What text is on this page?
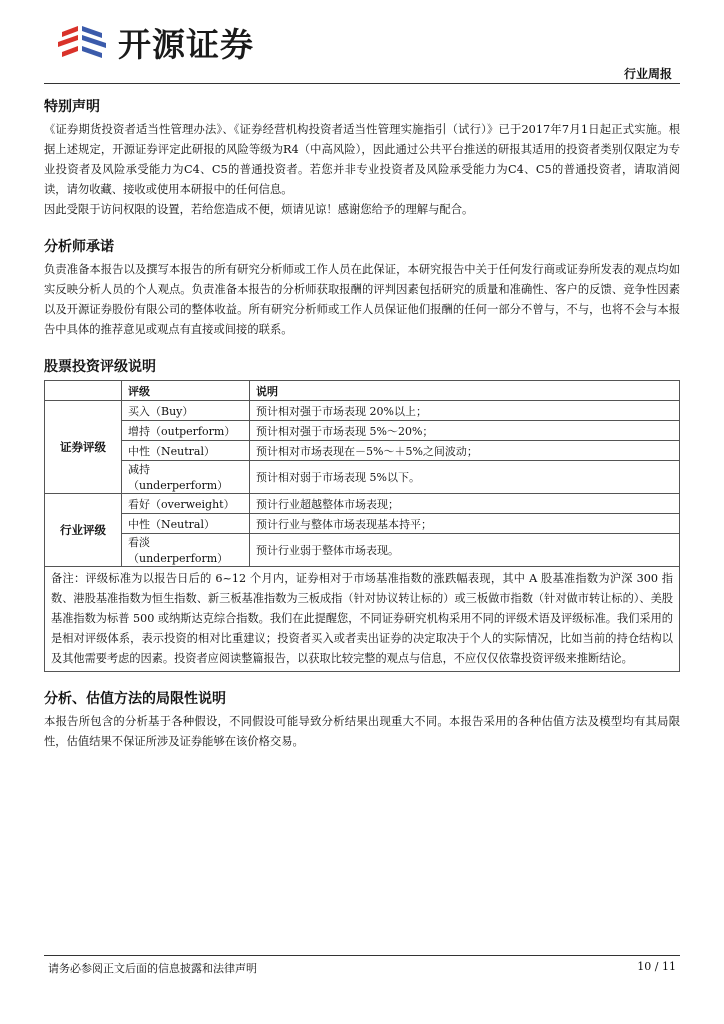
开源证券
行业周报

特别声明

《证券期货投资者适当性管理办法》、《证券经营机构投资者适当性管理实施指引（试行）》已于2017年7月1日起正式实施。根据上述规定，开源证券评定此研报的风险等级为R4（中高风险），因此通过公共平台推送的研报其适用的投资者类别仅限定为专业投资者及风险承受能力为C4、C5的普通投资者。若您并非专业投资者及风险承受能力为C4、C5的普通投资者，请取消阅读，请勿收藏、接收或使用本研报中的任何信息。

因此受限于访问权限的设置，若给您造成不便，烦请见谅！感谢您给予的理解与配合。

分析师承诺

负责准备本报告以及撰写本报告的所有研究分析师或工作人员在此保证，本研究报告中关于任何发行商或证券所发表的观点均如实反映分析人员的个人观点。负责准备本报告的分析师获取报酬的评判因素包括研究的质量和准确性、客户的反馈、竞争性因素以及开源证券股份有限公司的整体收益。所有研究分析师或工作人员保证他们报酬的任何一部分不曾与，不与，也将不会与本报告中具体的推荐意见或观点有直接或间接的联系。

股票投资评级说明

	评级	说明
证券评级	买入（Buy）	预计相对强于市场表现 20%以上；
	增持（outperform）	预计相对强于市场表现 5%～20%；
	中性（Neutral）	预计相对市场表现在－5%～＋5%之间波动；
	减持（underperform）	预计相对弱于市场表现 5%以下。
行业评级	看好（overweight）	预计行业超越整体市场表现；
	中性（Neutral）	预计行业与整体市场表现基本持平；
	看淡（underperform）	预计行业弱于整体市场表现。
备注：评级标准为以报告日后的 6~12 个月内，证券相对于市场基准指数的涨跌幅表现，其中 A 股基准指数为沪深 300 指数、港股基准指数为恒生指数、新三板基准指数为三板成指（针对协议转让标的）或三板做市指数（针对做市转让标的）、美股基准指数为标普 500 或纳斯达克综合指数。我们在此提醒您，不同证券研究机构采用不同的评级术语及评级标准。我们采用的是相对评级体系，表示投资的相对比重建议；投资者买入或者卖出证券的决定取决于个人的实际情况，比如当前的持仓结构以及其他需要考虑的因素。投资者应阅读整篇报告，以获取比较完整的观点与信息，不应仅仅依靠投资评级来推断结论。		

分析、估值方法的局限性说明

本报告所包含的分析基于各种假设，不同假设可能导致分析结果出现重大不同。本报告采用的各种估值方法及模型均有其局限性，估值结果不保证所涉及证券能够在该价格交易。

请务必参阅正文后面的信息披露和法律声明	10 / 11
